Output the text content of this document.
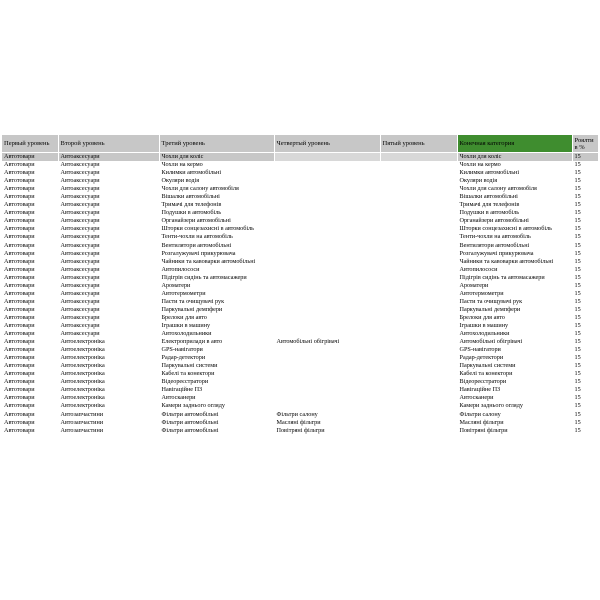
Первый уровень	Второй уровень	Третий уровень	Четвертый уровень	Пятый уровень	Конечная категория	Роялти в %
Автотовари	Автоаксесуари	Чохли для коліс			Чохли для коліс	15
Автотовари	Автоаксесуари	Чохли на кермо			Чохли на кермо	15
Автотовари	Автоаксесуари	Килимки автомобільні			Килимки автомобільні	15
Автотовари	Автоаксесуари	Окуляри водія			Окуляри водія	15
Автотовари	Автоаксесуари	Чохли для салону автомобіля			Чохли для салону автомобіля	15
Автотовари	Автоаксесуари	Вішалки автомобільні			Вішалки автомобільні	15
Автотовари	Автоаксесуари	Тримачі для телефонів			Тримачі для телефонів	15
Автотовари	Автоаксесуари	Подушки в автомобіль			Подушки в автомобіль	15
Автотовари	Автоаксесуари	Органайзери автомобільні			Органайзери автомобільні	15
Автотовари	Автоаксесуари	Шторки сонцезахисні в автомобіль			Шторки сонцезахисні в автомобіль	15
Автотовари	Автоаксесуари	Тенти-чохли на автомобіль			Тенти-чохли на автомобіль	15
Автотовари	Автоаксесуари	Вентилятори автомобільні			Вентилятори автомобільні	15
Автотовари	Автоаксесуари	Розгалужувачі прикурювача			Розгалужувачі прикурювача	15
Автотовари	Автоаксесуари	Чайники та кавоварки автомобільні			Чайники та кавоварки автомобільні	15
Автотовари	Автоаксесуари	Автопилососи			Автопилососи	15
Автотовари	Автоаксесуари	Підігрів сидінь та автомасажери			Підігрів сидінь та автомасажери	15
Автотовари	Автоаксесуари	Ароматери			Ароматери	15
Автотовари	Автоаксесуари	Автотермометри			Автотермометри	15
Автотовари	Автоаксесуари	Пасти та очищувачі рук			Пасти та очищувачі рук	15
Автотовари	Автоаксесуари	Паркувальні демпфери			Паркувальні демпфери	15
Автотовари	Автоаксесуари	Брелоки для авто			Брелоки для авто	15
Автотовари	Автоаксесуари	Іграшки в машину			Іграшки в машину	15
Автотовари	Автоаксесуари	Автохолодильники			Автохолодильники	15
Автотовари	Автоелектроніка	Електроприлади в авто	Автомобільні обігрівачі		Автомобільні обігрівачі	15
Автотовари	Автоелектроніка	GPS-навігатори			GPS-навігатори	15
Автотовари	Автоелектроніка	Радар-детектори			Радар-детектори	15
Автотовари	Автоелектроніка	Паркувальні системи			Паркувальні системи	15
Автотовари	Автоелектроніка	Кабелі та конектори			Кабелі та конектори	15
Автотовари	Автоелектроніка	Відеореєстратори			Відеореєстратори	15
Автотовари	Автоелектроніка	Навігаційне ПЗ			Навігаційне ПЗ	15
Автотовари	Автоелектроніка	Автосканери			Автосканери	15
Автотовари	Автоелектроніка	Камери заднього огляду			Камери заднього огляду	15
Автотовари	Автозапчастини	Фільтри автомобільні	Фільтри салону		Фільтри салону	15
Автотовари	Автозапчастини	Фільтри автомобільні	Масляні фільтри		Масляні фільтри	15
Автотовари	Автозапчастини	Фільтри автомобільні	Повітряні фільтри		Повітряні фільтри	15
